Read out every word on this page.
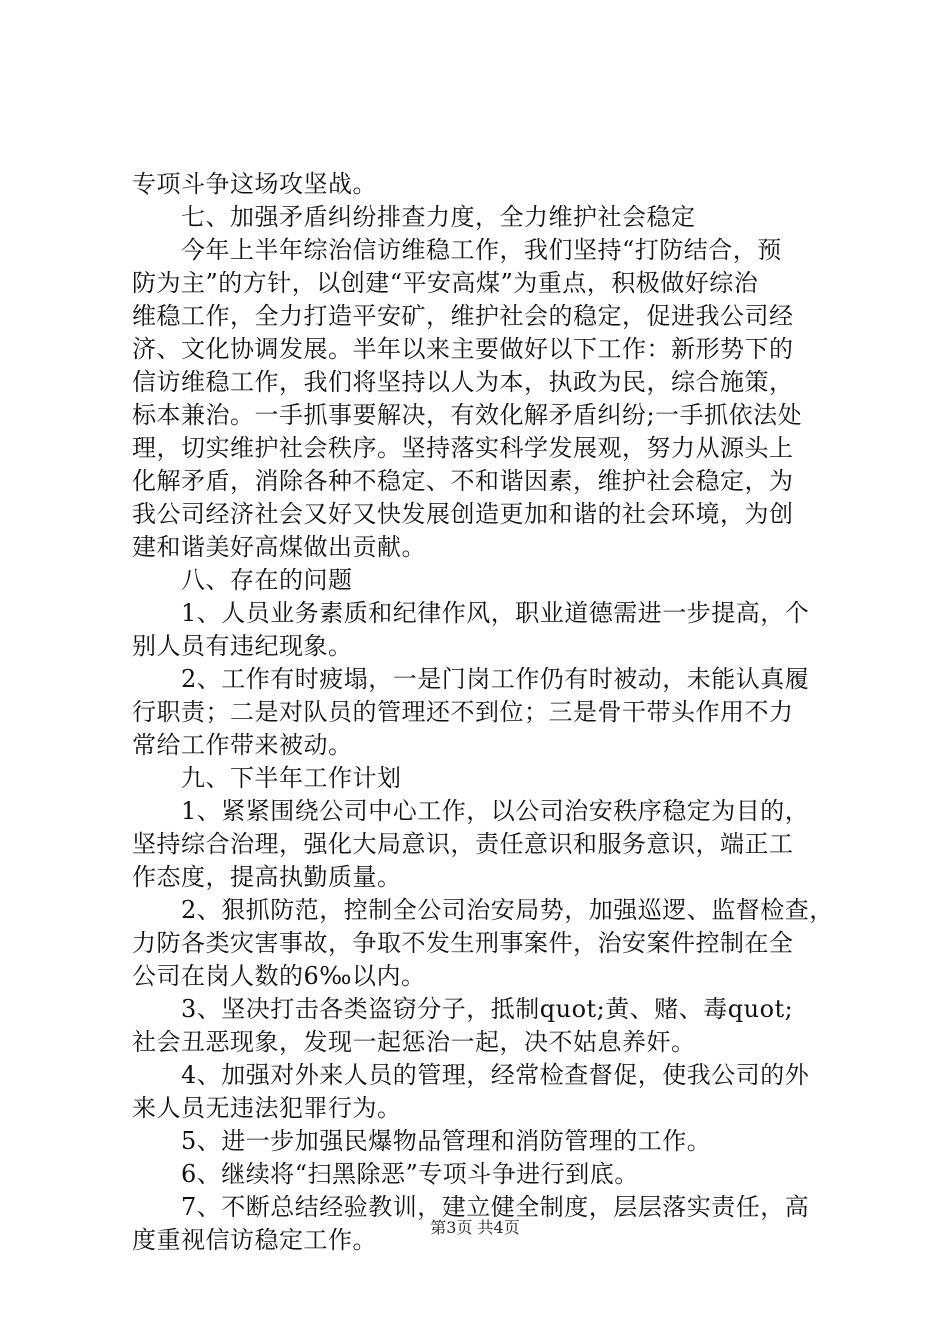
专项斗争这场攻坚战。
　　七、加强矛盾纠纷排查力度，全力维护社会稳定
　　今年上半年综治信访维稳工作，我们坚持“打防结合，预
防为主”的方针，以创建“平安高煤”为重点，积极做好综治
维稳工作，全力打造平安矿，维护社会的稳定，促进我公司经
济、文化协调发展。半年以来主要做好以下工作：新形势下的
信访维稳工作，我们将坚持以人为本，执政为民，综合施策，
标本兼治。一手抓事要解决，有效化解矛盾纠纷;一手抓依法处
理，切实维护社会秩序。坚持落实科学发展观，努力从源头上
化解矛盾，消除各种不稳定、不和谐因素，维护社会稳定，为
我公司经济社会又好又快发展创造更加和谐的社会环境，为创
建和谐美好高煤做出贡献。
　　八、存在的问题
　　1、人员业务素质和纪律作风，职业道德需进一步提高，个
别人员有违纪现象。
　　2、工作有时疲塌，一是门岗工作仍有时被动，未能认真履
行职责；二是对队员的管理还不到位；三是骨干带头作用不力
常给工作带来被动。
　　九、下半年工作计划
　　1、紧紧围绕公司中心工作，以公司治安秩序稳定为目的，
坚持综合治理，强化大局意识，责任意识和服务意识，端正工
作态度，提高执勤质量。
　　2、狠抓防范，控制全公司治安局势，加强巡逻、监督检查，
力防各类灾害事故，争取不发生刑事案件，治安案件控制在全
公司在岗人数的6‰以内。
　　3、坚决打击各类盗窃分子，抵制quot;黄、赌、毒quot;
社会丑恶现象，发现一起惩治一起，决不姑息养奸。
　　4、加强对外来人员的管理，经常检查督促，使我公司的外
来人员无违法犯罪行为。
　　5、进一步加强民爆物品管理和消防管理的工作。
　　6、继续将“扫黑除恶”专项斗争进行到底。
　　7、不断总结经验教训，建立健全制度，层层落实责任，高
度重视信访稳定工作。	第3页 共4页
